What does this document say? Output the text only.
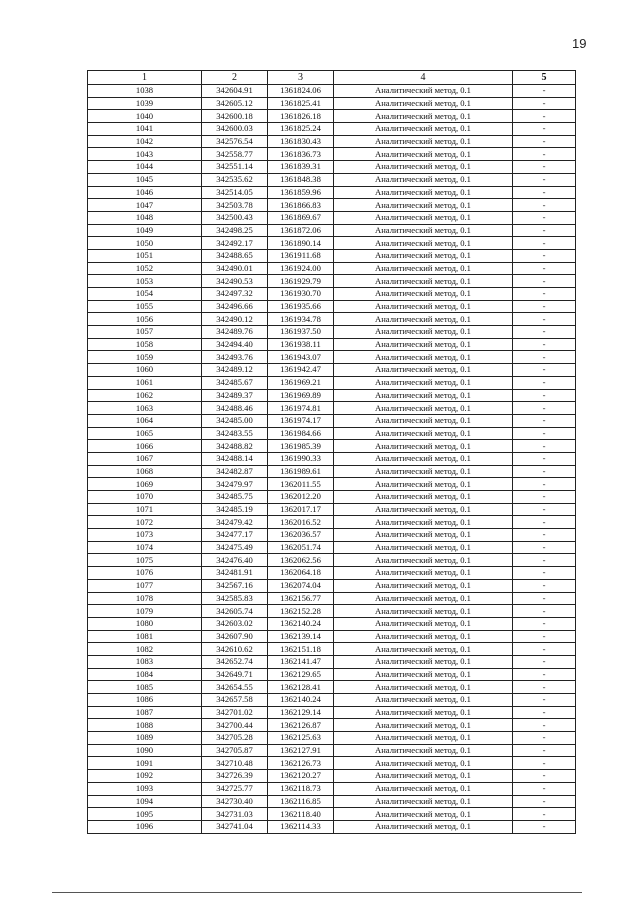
19
1	2	3	4	5
1038	342604.91	1361824.06	Аналитический метод, 0.1	-
1039	342605.12	1361825.41	Аналитический метод, 0.1	-
1040	342600.18	1361826.18	Аналитический метод, 0.1	-
1041	342600.03	1361825.24	Аналитический метод, 0.1	-
1042	342576.54	1361830.43	Аналитический метод, 0.1	-
1043	342558.77	1361836.73	Аналитический метод, 0.1	-
1044	342551.14	1361839.31	Аналитический метод, 0.1	-
1045	342535.62	1361848.38	Аналитический метод, 0.1	-
1046	342514.05	1361859.96	Аналитический метод, 0.1	-
1047	342503.78	1361866.83	Аналитический метод, 0.1	-
1048	342500.43	1361869.67	Аналитический метод, 0.1	-
1049	342498.25	1361872.06	Аналитический метод, 0.1	-
1050	342492.17	1361890.14	Аналитический метод, 0.1	-
1051	342488.65	1361911.68	Аналитический метод, 0.1	-
1052	342490.01	1361924.00	Аналитический метод, 0.1	-
1053	342490.53	1361929.79	Аналитический метод, 0.1	-
1054	342497.32	1361930.70	Аналитический метод, 0.1	-
1055	342496.66	1361935.66	Аналитический метод, 0.1	-
1056	342490.12	1361934.78	Аналитический метод, 0.1	-
1057	342489.76	1361937.50	Аналитический метод, 0.1	-
1058	342494.40	1361938.11	Аналитический метод, 0.1	-
1059	342493.76	1361943.07	Аналитический метод, 0.1	-
1060	342489.12	1361942.47	Аналитический метод, 0.1	-
1061	342485.67	1361969.21	Аналитический метод, 0.1	-
1062	342489.37	1361969.89	Аналитический метод, 0.1	-
1063	342488.46	1361974.81	Аналитический метод, 0.1	-
1064	342485.00	1361974.17	Аналитический метод, 0.1	-
1065	342483.55	1361984.66	Аналитический метод, 0.1	-
1066	342488.82	1361985.39	Аналитический метод, 0.1	-
1067	342488.14	1361990.33	Аналитический метод, 0.1	-
1068	342482.87	1361989.61	Аналитический метод, 0.1	-
1069	342479.97	1362011.55	Аналитический метод, 0.1	-
1070	342485.75	1362012.20	Аналитический метод, 0.1	-
1071	342485.19	1362017.17	Аналитический метод, 0.1	-
1072	342479.42	1362016.52	Аналитический метод, 0.1	-
1073	342477.17	1362036.57	Аналитический метод, 0.1	-
1074	342475.49	1362051.74	Аналитический метод, 0.1	-
1075	342476.40	1362062.56	Аналитический метод, 0.1	-
1076	342481.91	1362064.18	Аналитический метод, 0.1	-
1077	342567.16	1362074.04	Аналитический метод, 0.1	-
1078	342585.83	1362156.77	Аналитический метод, 0.1	-
1079	342605.74	1362152.28	Аналитический метод, 0.1	-
1080	342603.02	1362140.24	Аналитический метод, 0.1	-
1081	342607.90	1362139.14	Аналитический метод, 0.1	-
1082	342610.62	1362151.18	Аналитический метод, 0.1	-
1083	342652.74	1362141.47	Аналитический метод, 0.1	-
1084	342649.71	1362129.65	Аналитический метод, 0.1	-
1085	342654.55	1362128.41	Аналитический метод, 0.1	-
1086	342657.58	1362140.24	Аналитический метод, 0.1	-
1087	342701.02	1362129.14	Аналитический метод, 0.1	-
1088	342700.44	1362126.87	Аналитический метод, 0.1	-
1089	342705.28	1362125.63	Аналитический метод, 0.1	-
1090	342705.87	1362127.91	Аналитический метод, 0.1	-
1091	342710.48	1362126.73	Аналитический метод, 0.1	-
1092	342726.39	1362120.27	Аналитический метод, 0.1	-
1093	342725.77	1362118.73	Аналитический метод, 0.1	-
1094	342730.40	1362116.85	Аналитический метод, 0.1	-
1095	342731.03	1362118.40	Аналитический метод, 0.1	-
1096	342741.04	1362114.33	Аналитический метод, 0.1	-
